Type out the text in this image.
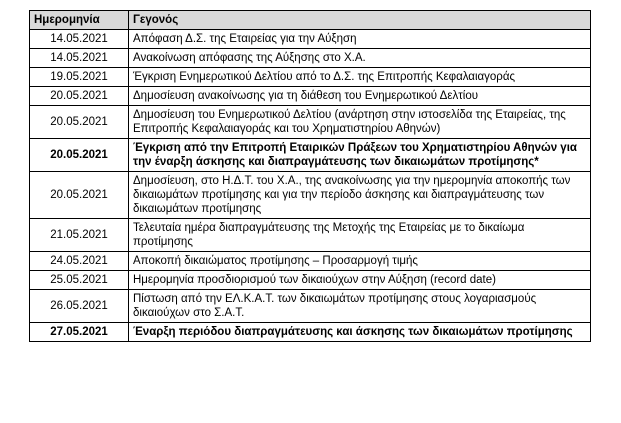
Ημερομηνία	Γεγονός
14.05.2021	Απόφαση Δ.Σ. της Εταιρείας για την Αύξηση
14.05.2021	Ανακοίνωση απόφασης της Αύξησης στο Χ.Α.
19.05.2021	Έγκριση Ενημερωτικού Δελτίου από το Δ.Σ. της Επιτροπής Κεφαλαιαγοράς
20.05.2021	Δημοσίευση ανακοίνωσης για τη διάθεση του Ενημερωτικού Δελτίου
20.05.2021	Δημοσίευση του Ενημερωτικού Δελτίου (ανάρτηση στην ιστοσελίδα της Εταιρείας, της Επιτροπής Κεφαλαιαγοράς και του Χρηματιστηρίου Αθηνών)
20.05.2021	Έγκριση από την Επιτροπή Εταιρικών Πράξεων του Χρηματιστηρίου Αθηνών για την έναρξη άσκησης και διαπραγμάτευσης των δικαιωμάτων προτίμησης*
20.05.2021	Δημοσίευση, στο Η.Δ.Τ. του Χ.Α., της ανακοίνωσης για την ημερομηνία αποκοπής των δικαιωμάτων προτίμησης και για την περίοδο άσκησης και διαπραγμάτευσης των δικαιωμάτων προτίμησης
21.05.2021	Τελευταία ημέρα διαπραγμάτευσης της Μετοχής της Εταιρείας με το δικαίωμα προτίμησης
24.05.2021	Αποκοπή δικαιώματος προτίμησης – Προσαρμογή τιμής
25.05.2021	Ημερομηνία προσδιορισμού των δικαιούχων στην Αύξηση (record date)
26.05.2021	Πίστωση από την ΕΛ.Κ.Α.Τ. των δικαιωμάτων προτίμησης στους λογαριασμούς δικαιούχων στο Σ.Α.Τ.
27.05.2021	Έναρξη περιόδου διαπραγμάτευσης και άσκησης των δικαιωμάτων προτίμησης
